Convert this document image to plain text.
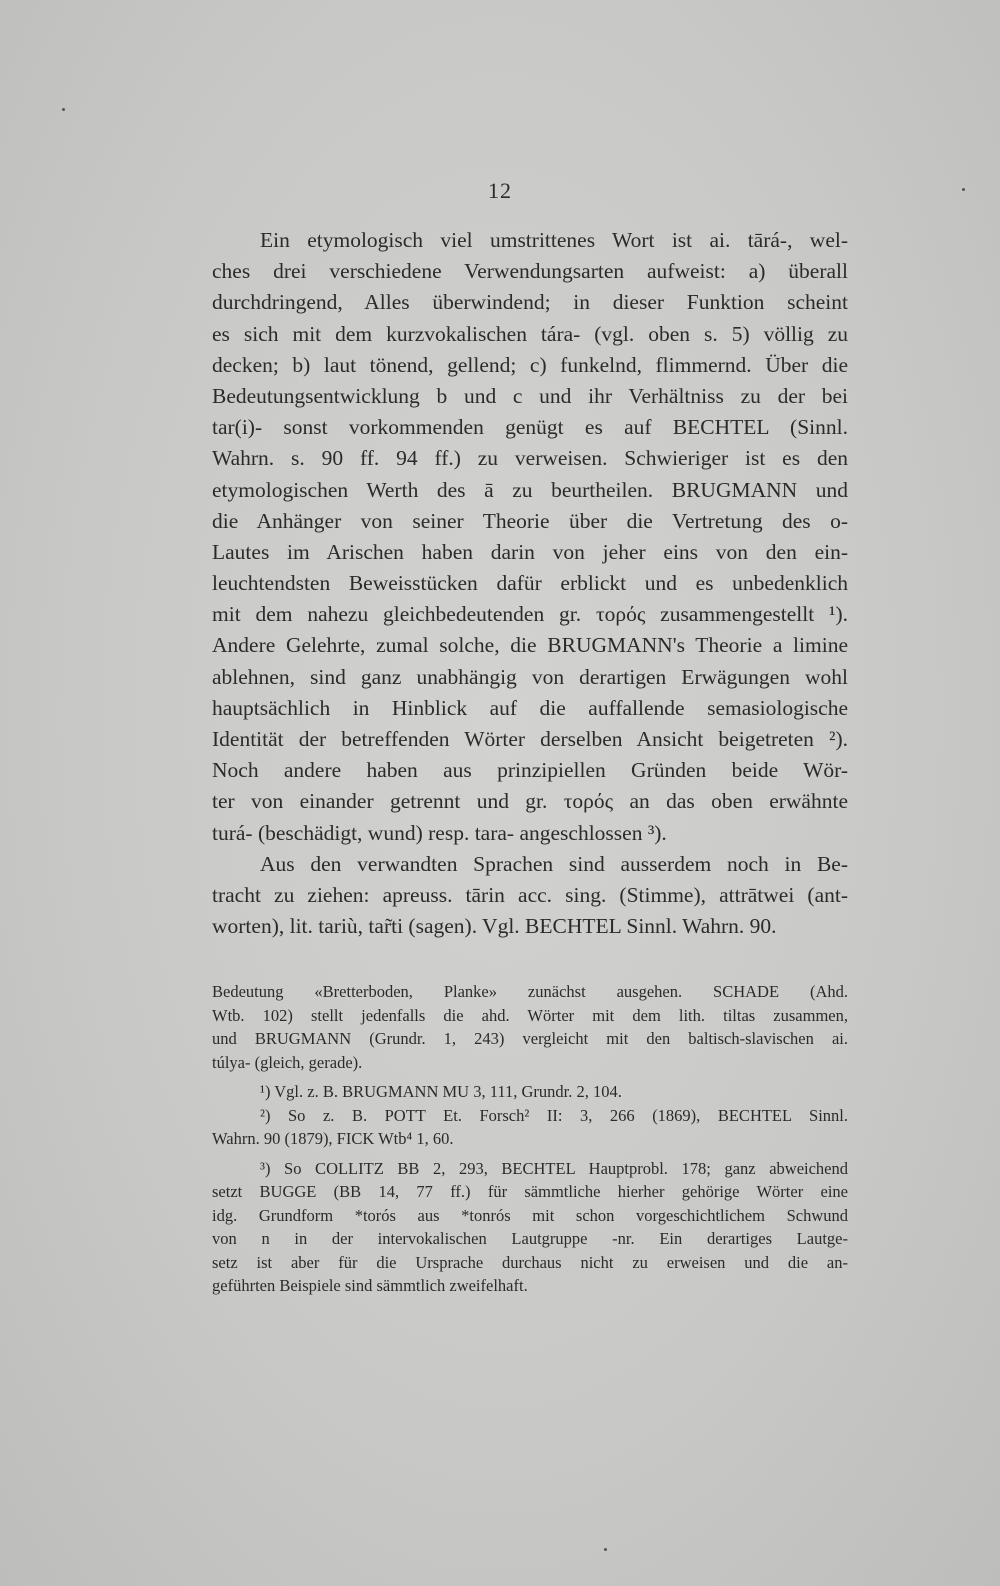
12
Ein etymologisch viel umstrittenes Wort ist ai. tārá-, wel-
ches drei verschiedene Verwendungsarten aufweist: a) überall
durchdringend, Alles überwindend; in dieser Funktion scheint
es sich mit dem kurzvokalischen tára- (vgl. oben s. 5) völlig zu
decken; b) laut tönend, gellend; c) funkelnd, flimmernd. Über die
Bedeutungsentwicklung b und c und ihr Verhältniss zu der bei
tar(i)- sonst vorkommenden genügt es auf BECHTEL (Sinnl.
Wahrn. s. 90 ff. 94 ff.) zu verweisen. Schwieriger ist es den
etymologischen Werth des ā zu beurtheilen. BRUGMANN und
die Anhänger von seiner Theorie über die Vertretung des o-
Lautes im Arischen haben darin von jeher eins von den ein-
leuchtendsten Beweisstücken dafür erblickt und es unbedenklich
mit dem nahezu gleichbedeutenden gr. τορός zusammengestellt ¹).
Andere Gelehrte, zumal solche, die BRUGMANN's Theorie a limine
ablehnen, sind ganz unabhängig von derartigen Erwägungen wohl
hauptsächlich in Hinblick auf die auffallende semasiologische
Identität der betreffenden Wörter derselben Ansicht beigetreten ²).
Noch andere haben aus prinzipiellen Gründen beide Wör-
ter von einander getrennt und gr. τορός an das oben erwähnte
turá- (beschädigt, wund) resp. tara- angeschlossen ³).
Aus den verwandten Sprachen sind ausserdem noch in Be-
tracht zu ziehen: apreuss. tārin acc. sing. (Stimme), attrātwei (ant-
worten), lit. tariù, tar̃ti (sagen). Vgl. BECHTEL Sinnl. Wahrn. 90.
Bedeutung «Bretterboden, Planke» zunächst ausgehen. SCHADE (Ahd.
Wtb. 102) stellt jedenfalls die ahd. Wörter mit dem lith. tiltas zusammen,
und BRUGMANN (Grundr. 1, 243) vergleicht mit den baltisch-slavischen ai.
túlya- (gleich, gerade).
¹) Vgl. z. B. BRUGMANN MU 3, 111, Grundr. 2, 104.
²) So z. B. POTT Et. Forsch² II: 3, 266 (1869), BECHTEL Sinnl.
Wahrn. 90 (1879), FICK Wtb⁴ 1, 60.
³) So COLLITZ BB 2, 293, BECHTEL Hauptprobl. 178; ganz abweichend
setzt BUGGE (BB 14, 77 ff.) für sämmtliche hierher gehörige Wörter eine
idg. Grundform *torós aus *tonrós mit schon vorgeschichtlichem Schwund
von n in der intervokalischen Lautgruppe -nr. Ein derartiges Lautge-
setz ist aber für die Ursprache durchaus nicht zu erweisen und die an-
geführten Beispiele sind sämmtlich zweifelhaft.
